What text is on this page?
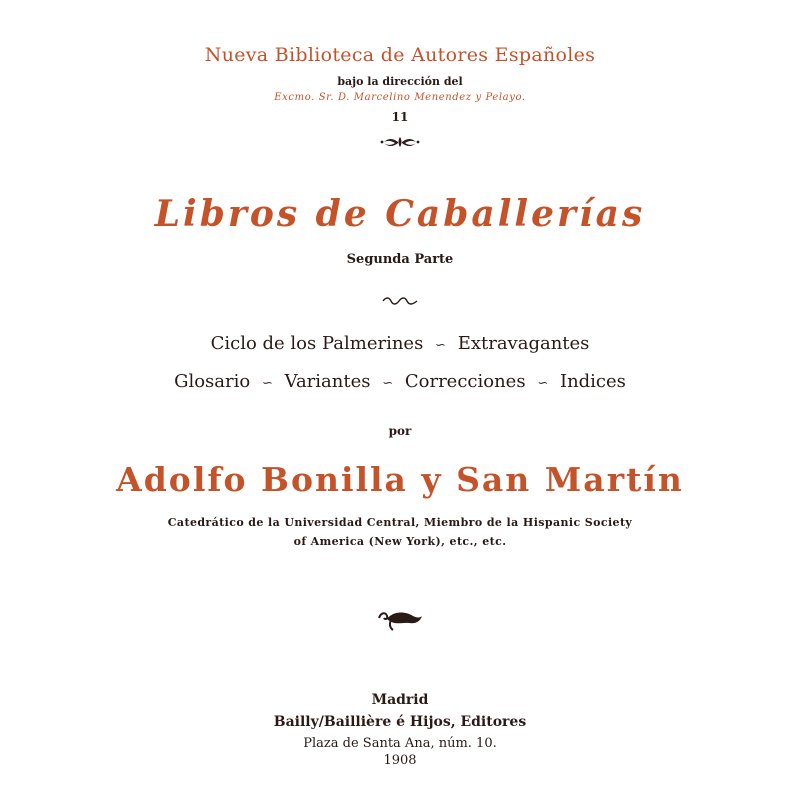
Nueva Biblioteca de Autores Españoles
bajo la dirección del
Excmo. Sr. D. Marcelino Menendez y Pelayo.
11
Libros de Caballerías
Segunda Parte
Ciclo de los Palmerines ∽ Extravagantes
Glosario ∽ Variantes ∽ Correcciones ∽ Indices
por
Adolfo Bonilla y San Martín
Catedrático de la Universidad Central, Miembro de la Hispanic Society
of America (New York), etc., etc.
Madrid
Bailly/Baillière é Hijos, Editores
Plaza de Santa Ana, núm. 10.
1908
